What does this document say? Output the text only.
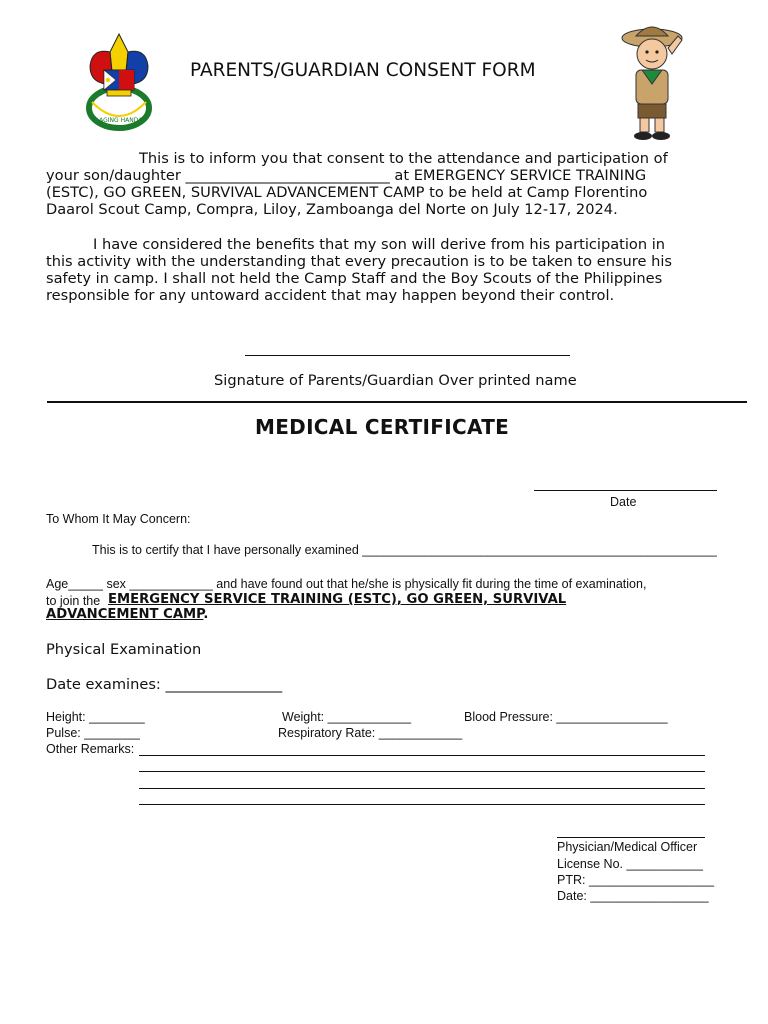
LAGING HANDA
PARENTS/GUARDIAN CONSENT FORM
This is to inform you that consent to the attendance and participation of
your son/daughter ____________________________ at EMERGENCY SERVICE TRAINING
(ESTC), GO GREEN, SURVIVAL ADVANCEMENT CAMP to be held at Camp Florentino
Daarol Scout Camp, Compra, Liloy, Zamboanga del Norte on July 12-17, 2024.
I have considered the benefits that my son will derive from his participation in
this activity with the understanding that every precaution is to be taken to ensure his
safety in camp. I shall not held the Camp Staff and the Boy Scouts of the Philippines
responsible for any untoward accident that may happen beyond their control.
Signature of Parents/Guardian Over printed name
MEDICAL CERTIFICATE
Date
To Whom It May Concern:
This is to certify that I have personally examined ___________________________________________________
Age_____ sex ____________ and have found out that he/she is physically fit during the time of examination,
to join the EMERGENCY SERVICE TRAINING (ESTC), GO GREEN, SURVIVAL
ADVANCEMENT CAMP.
Physical Examination
Date examines: ________________
Height: ________	Weight: ____________	Blood Pressure: ________________
Pulse: ________	Respiratory Rate: ____________
Other Remarks:
Physician/Medical Officer
License No. ___________
PTR: __________________
Date: _________________
